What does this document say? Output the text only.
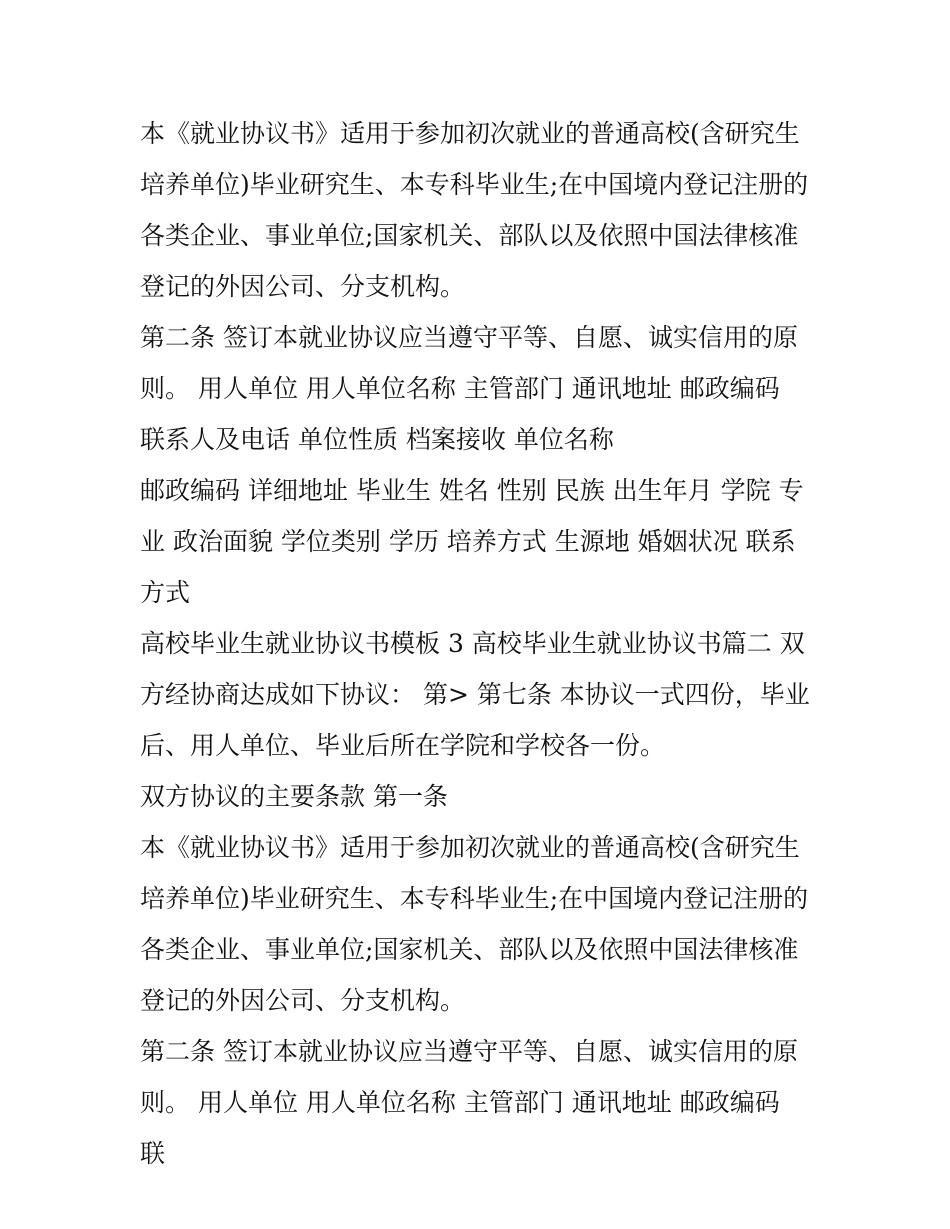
本《就业协议书》适用于参加初次就业的普通高校(含研究生培养单位)毕业研究生、本专科毕业生;在中国境内登记注册的各类企业、事业单位;国家机关、部队以及依照中国法律核准登记的外因公司、分支机构。

第二条 签订本就业协议应当遵守平等、自愿、诚实信用的原则。 用人单位 用人单位名称 主管部门 通讯地址 邮政编码 联系人及电话 单位性质 档案接收 单位名称

邮政编码 详细地址 毕业生 姓名 性别 民族 出生年月 学院 专业 政治面貌 学位类别 学历 培养方式 生源地 婚姻状况 联系方式

高校毕业生就业协议书模板 3 高校毕业生就业协议书篇二 双方经协商达成如下协议： 第> 第七条 本协议一式四份，毕业后、用人单位、毕业后所在学院和学校各一份。

双方协议的主要条款 第一条

本《就业协议书》适用于参加初次就业的普通高校(含研究生培养单位)毕业研究生、本专科毕业生;在中国境内登记注册的各类企业、事业单位;国家机关、部队以及依照中国法律核准登记的外因公司、分支机构。

第二条 签订本就业协议应当遵守平等、自愿、诚实信用的原则。 用人单位 用人单位名称 主管部门 通讯地址 邮政编码 联
